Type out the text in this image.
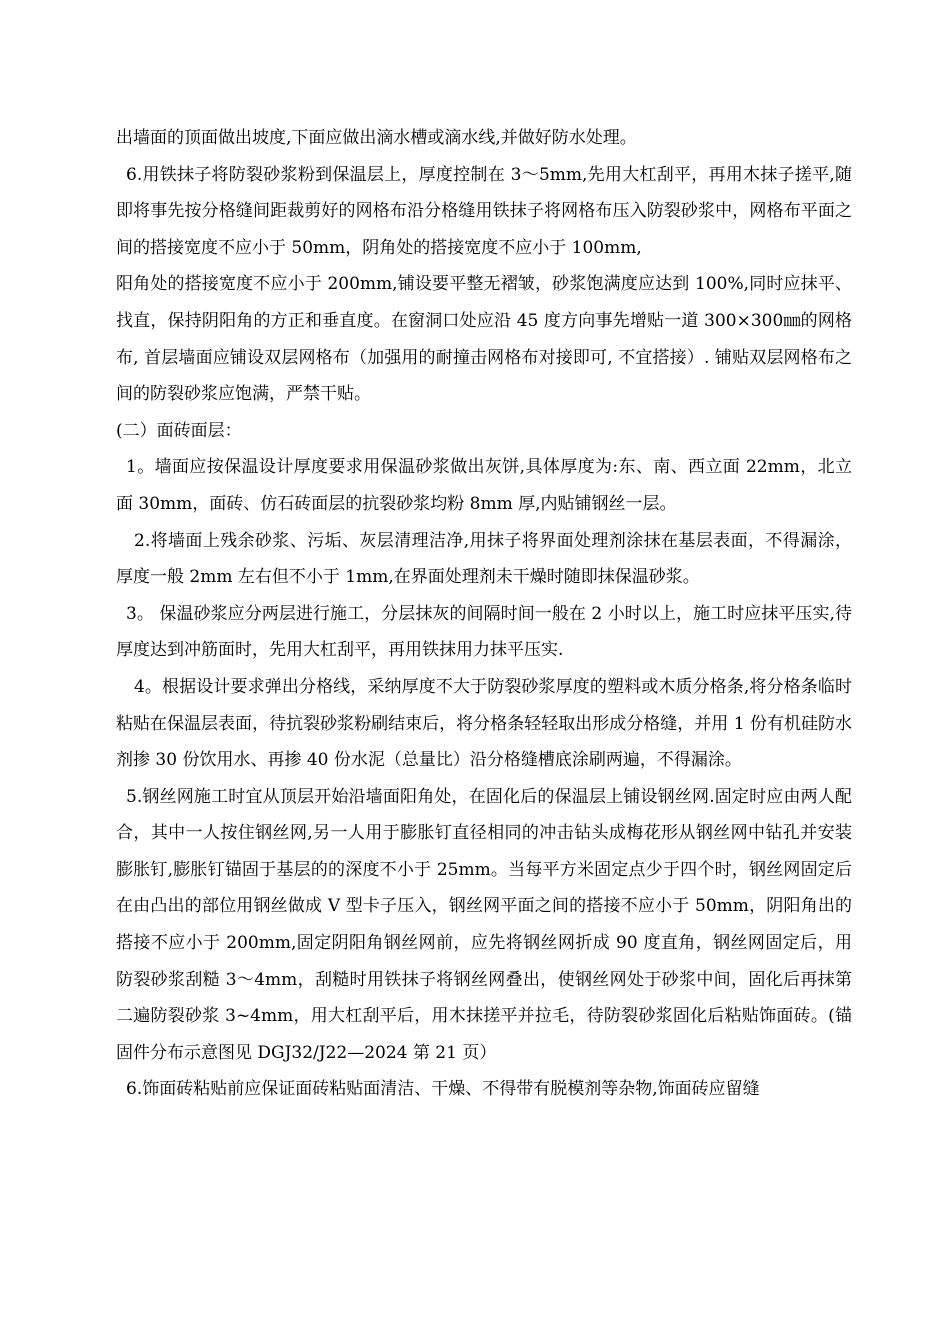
出墙面的顶面做出坡度,下面应做出滴水槽或滴水线,并做好防水处理。

6.用铁抹子将防裂砂浆粉到保温层上，厚度控制在 3～5mm,先用大杠刮平，再用木抹子搓平,随即将事先按分格缝间距裁剪好的网格布沿分格缝用铁抹子将网格布压入防裂砂浆中，网格布平面之间的搭接宽度不应小于 50mm，阴角处的搭接宽度不应小于 100mm,

阳角处的搭接宽度不应小于 200mm,铺设要平整无褶皱，砂浆饱满度应达到 100%,同时应抹平、找直，保持阴阳角的方正和垂直度。在窗洞口处应沿 45 度方向事先增贴一道 300×300㎜的网格布, 首层墙面应铺设双层网格布（加强用的耐撞击网格布对接即可, 不宜搭接）. 铺贴双层网格布之间的防裂砂浆应饱满，严禁干贴。

(二）面砖面层：

1。墙面应按保温设计厚度要求用保温砂浆做出灰饼,具体厚度为:东、南、西立面 22mm，北立面 30mm，面砖、仿石砖面层的抗裂砂浆均粉 8mm 厚,内贴铺钢丝一层。

2.将墙面上残余砂浆、污垢、灰层清理洁净,用抹子将界面处理剂涂抹在基层表面，不得漏涂，厚度一般 2mm 左右但不小于 1mm,在界面处理剂未干燥时随即抹保温砂浆。

3。 保温砂浆应分两层进行施工，分层抹灰的间隔时间一般在 2 小时以上，施工时应抹平压实,待厚度达到冲筋面时，先用大杠刮平，再用铁抹用力抹平压实.

4。根据设计要求弹出分格线，采纳厚度不大于防裂砂浆厚度的塑料或木质分格条,将分格条临时粘贴在保温层表面，待抗裂砂浆粉刷结束后，将分格条轻轻取出形成分格缝，并用 1 份有机硅防水剂掺 30 份饮用水、再掺 40 份水泥（总量比）沿分格缝槽底涂刷两遍，不得漏涂。

5.钢丝网施工时宜从顶层开始沿墙面阳角处，在固化后的保温层上铺设钢丝网.固定时应由两人配合，其中一人按住钢丝网,另一人用于膨胀钉直径相同的冲击钻头成梅花形从钢丝网中钻孔并安装膨胀钉,膨胀钉锚固于基层的的深度不小于 25mm。当每平方米固定点少于四个时，钢丝网固定后在由凸出的部位用钢丝做成 V 型卡子压入，钢丝网平面之间的搭接不应小于 50mm，阴阳角出的搭接不应小于 200mm,固定阴阳角钢丝网前，应先将钢丝网折成 90 度直角，钢丝网固定后，用防裂砂浆刮糙 3～4mm，刮糙时用铁抹子将钢丝网叠出，使钢丝网处于砂浆中间，固化后再抹第二遍防裂砂浆 3~4mm，用大杠刮平后，用木抹搓平并拉毛，待防裂砂浆固化后粘贴饰面砖。(锚固件分布示意图见 DGJ32/J22—2024 第 21 页）

6.饰面砖粘贴前应保证面砖粘贴面清洁、干燥、不得带有脱模剂等杂物,饰面砖应留缝
